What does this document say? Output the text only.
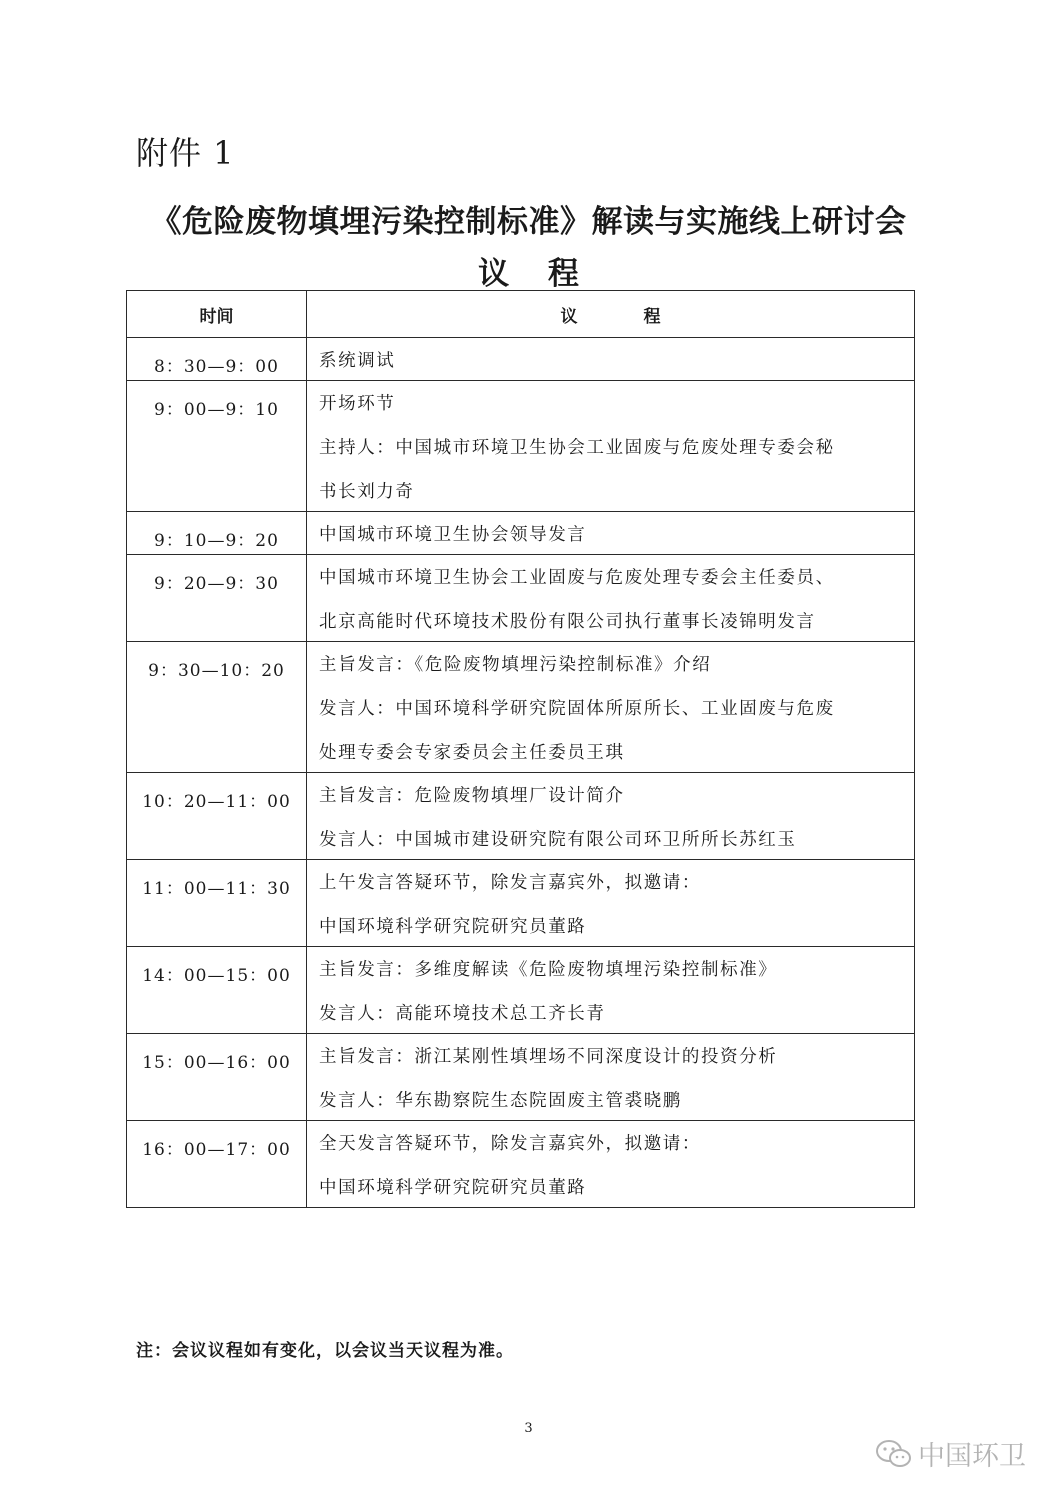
附件 1
《危险废物填埋污染控制标准》解读与实施线上研讨会
议 程
时间	议 程
8：30—9：00	系统调试

9：00—9：10	开场环节
主持人：中国城市环境卫生协会工业固废与危废处理专委会秘
书长刘力奇

9：10—9：20	中国城市环境卫生协会领导发言

9：20—9：30	中国城市环境卫生协会工业固废与危废处理专委会主任委员、
北京高能时代环境技术股份有限公司执行董事长凌锦明发言

9：30—10：20	主旨发言：《危险废物填埋污染控制标准》介绍
发言人：中国环境科学研究院固体所原所长、工业固废与危废
处理专委会专家委员会主任委员王琪

10：20—11：00	主旨发言：危险废物填埋厂设计简介
发言人：中国城市建设研究院有限公司环卫所所长苏红玉

11：00—11：30	上午发言答疑环节，除发言嘉宾外，拟邀请：
中国环境科学研究院研究员董路

14：00—15：00	主旨发言：多维度解读《危险废物填埋污染控制标准》
发言人：高能环境技术总工齐长青

15：00—16：00	主旨发言：浙江某刚性填埋场不同深度设计的投资分析
发言人：华东勘察院生态院固废主管裘晓鹏

16：00—17：00	全天发言答疑环节，除发言嘉宾外，拟邀请：
中国环境科学研究院研究员董路
注：会议议程如有变化，以会议当天议程为准。
3
中国环卫
